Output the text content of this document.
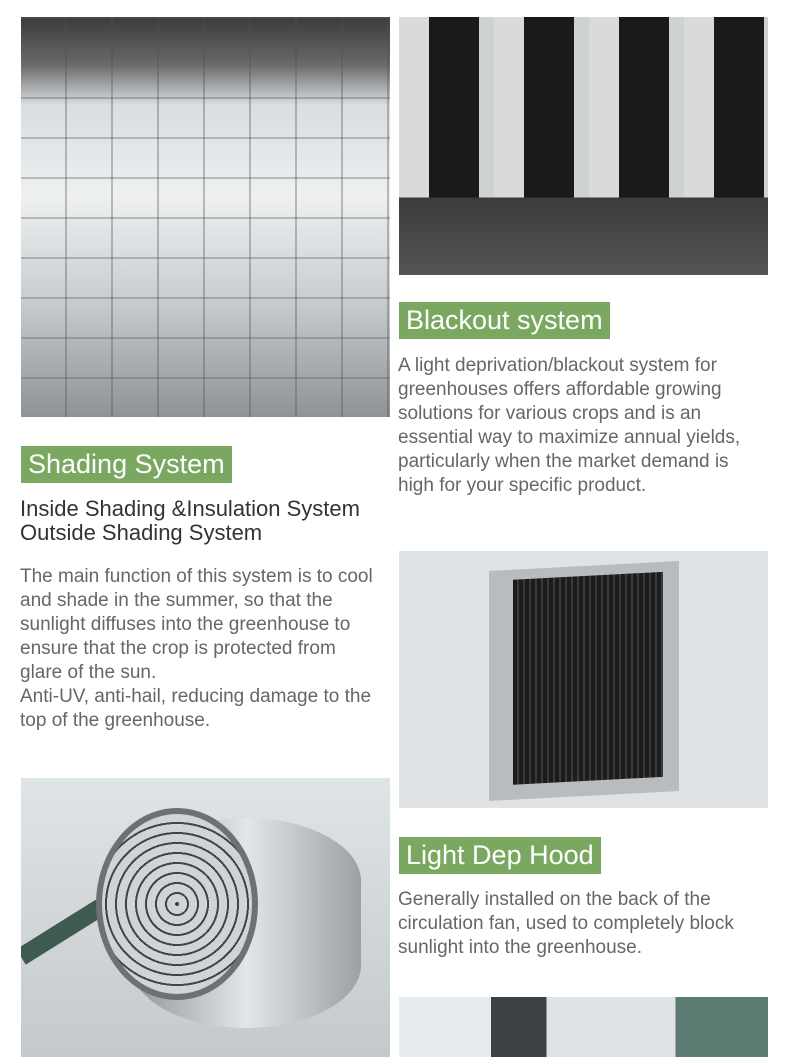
Blackout system
A light deprivation/blackout system for
greenhouses offers affordable growing
solutions for various crops and is an
essential way to maximize annual yields,
particularly when the market demand is
high for your specific product.
Shading System
Inside Shading &Insulation System
Outside Shading System
The main function of this system is to cool
and shade in the summer, so that the
sunlight diffuses into the greenhouse to
ensure that the crop is protected from
glare of the sun.
Anti-UV, anti-hail, reducing damage to the
top of the greenhouse.
Light Dep Hood
Generally installed on the back of the
circulation fan, used to completely block
sunlight into the greenhouse.
